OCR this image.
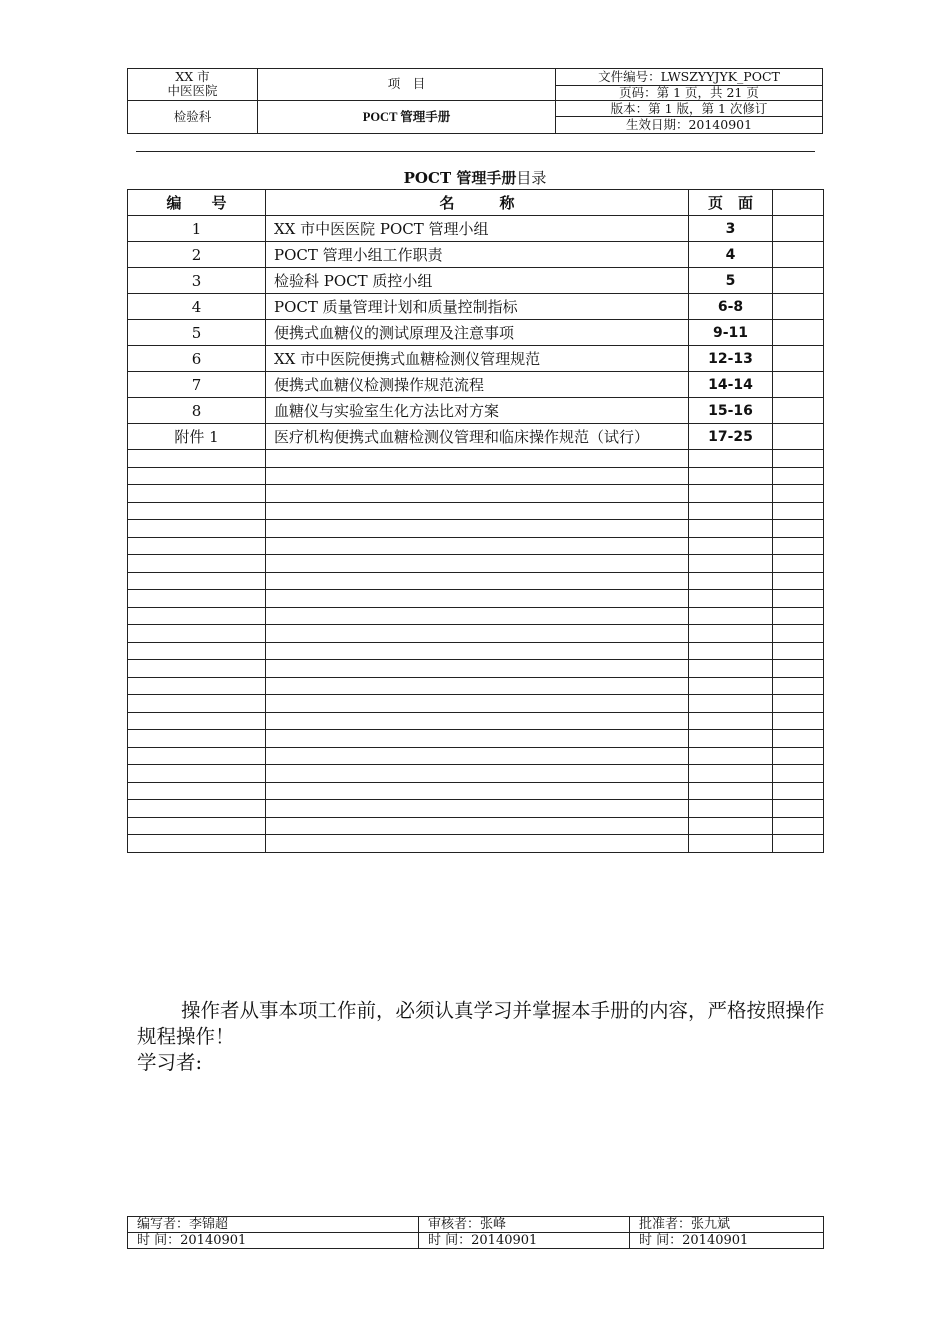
XX 市
中医医院	项　目	文件编号：LWSZYYJYK_POCT
		页码：第 1 页，共 21 页
检验科	POCT 管理手册	版本：第 1 版，第 1 次修订
		生效日期：20140901
POCT 管理手册目录
编　　号	名　　　称	页　面	
1	XX 市中医医院 POCT 管理小组	3	
2	POCT 管理小组工作职责	4	
3	检验科 POCT 质控小组	5	
4	POCT 质量管理计划和质量控制指标	6-8	
5	便携式血糖仪的测试原理及注意事项	9-11	
6	XX 市中医院便携式血糖检测仪管理规范	12-13	
7	便携式血糖仪检测操作规范流程	14-14	
8	血糖仪与实验室生化方法比对方案	15-16	
附件 1	医疗机构便携式血糖检测仪管理和临床操作规范（试行）	17-25	

操作者从事本项工作前，必须认真学习并掌握本手册的内容，严格按照操作规程操作！

学习者:

编写者：李锦超	审核者：张峰	批准者：张九斌
时 间：20140901	时 间：20140901	时 间：20140901
